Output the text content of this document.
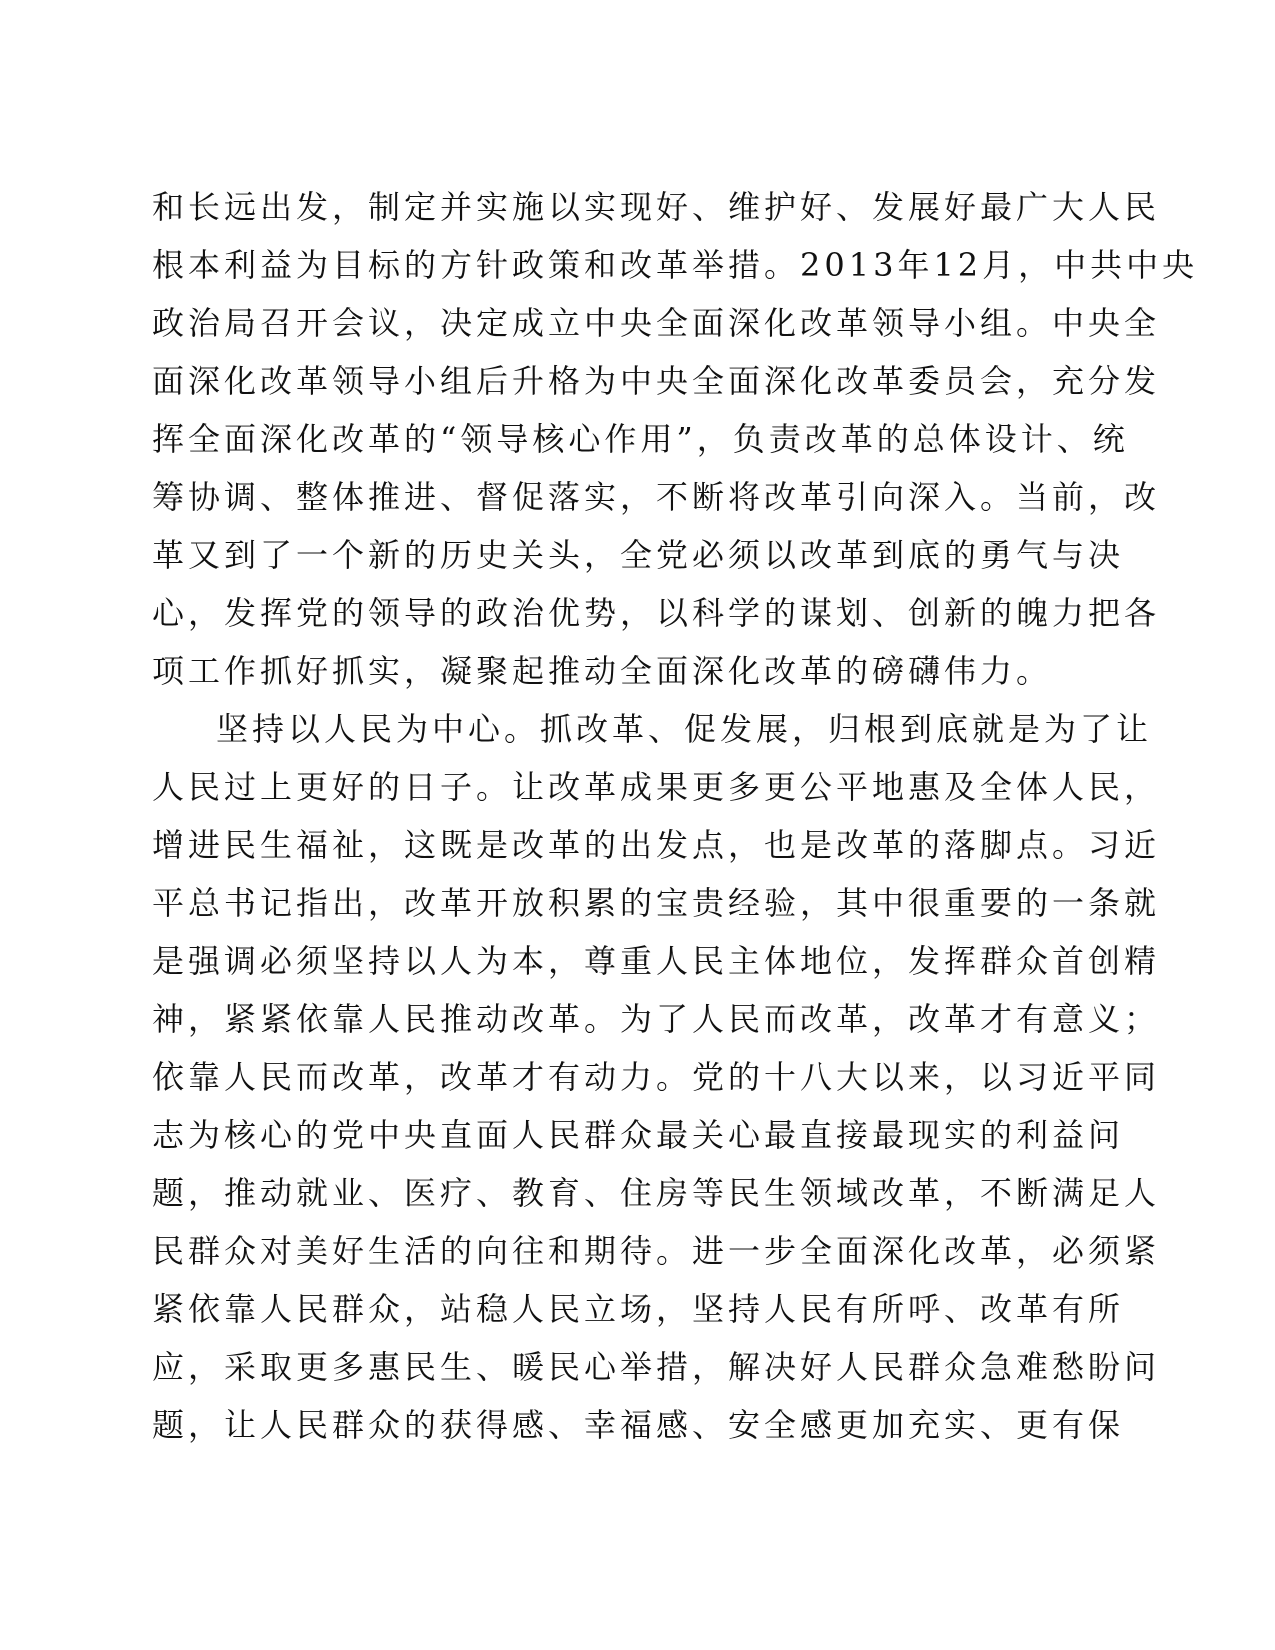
和长远出发，制定并实施以实现好、维护好、发展好最广大人民
根本利益为目标的方针政策和改革举措。2013年12月，中共中央
政治局召开会议，决定成立中央全面深化改革领导小组。中央全
面深化改革领导小组后升格为中央全面深化改革委员会，充分发
挥全面深化改革的“领导核心作用”，负责改革的总体设计、统
筹协调、整体推进、督促落实，不断将改革引向深入。当前，改
革又到了一个新的历史关头，全党必须以改革到底的勇气与决
心，发挥党的领导的政治优势，以科学的谋划、创新的魄力把各
项工作抓好抓实，凝聚起推动全面深化改革的磅礴伟力。
坚持以人民为中心。抓改革、促发展，归根到底就是为了让
人民过上更好的日子。让改革成果更多更公平地惠及全体人民，
增进民生福祉，这既是改革的出发点，也是改革的落脚点。习近
平总书记指出，改革开放积累的宝贵经验，其中很重要的一条就
是强调必须坚持以人为本，尊重人民主体地位，发挥群众首创精
神，紧紧依靠人民推动改革。为了人民而改革，改革才有意义；
依靠人民而改革，改革才有动力。党的十八大以来，以习近平同
志为核心的党中央直面人民群众最关心最直接最现实的利益问
题，推动就业、医疗、教育、住房等民生领域改革，不断满足人
民群众对美好生活的向往和期待。进一步全面深化改革，必须紧
紧依靠人民群众，站稳人民立场，坚持人民有所呼、改革有所
应，采取更多惠民生、暖民心举措，解决好人民群众急难愁盼问
题，让人民群众的获得感、幸福感、安全感更加充实、更有保
